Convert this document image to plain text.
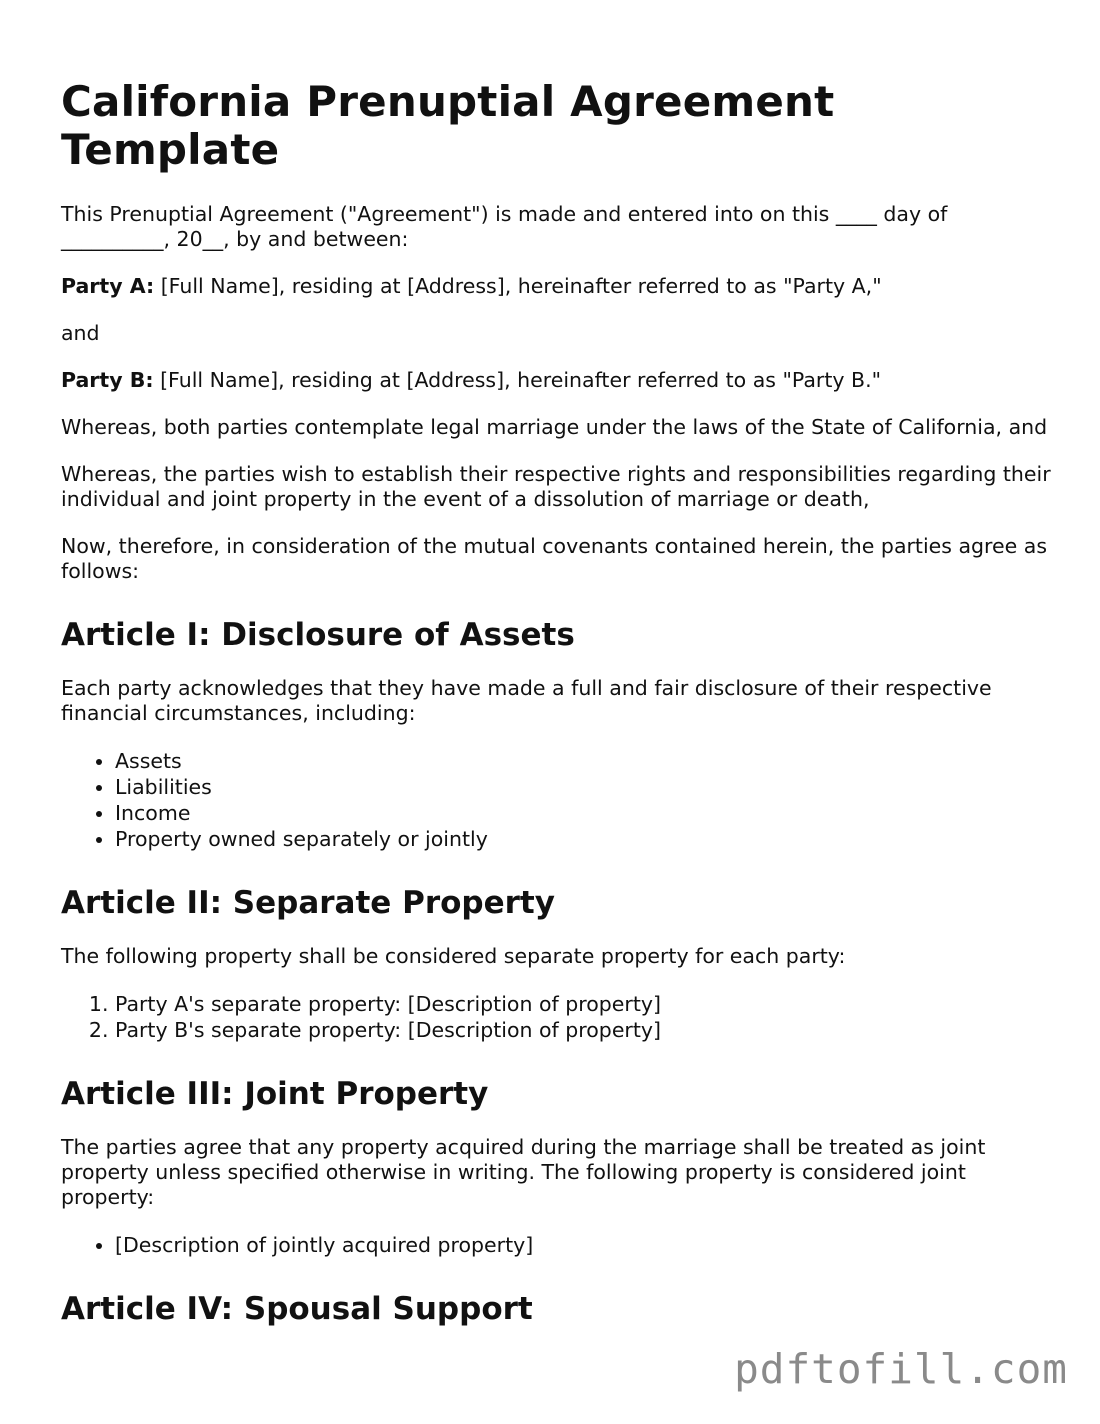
California Prenuptial Agreement Template

This Prenuptial Agreement ("Agreement") is made and entered into on this ____ day of __________, 20__, by and between:

Party A: [Full Name], residing at [Address], hereinafter referred to as "Party A,"

and

Party B: [Full Name], residing at [Address], hereinafter referred to as "Party B."

Whereas, both parties contemplate legal marriage under the laws of the State of California, and

Whereas, the parties wish to establish their respective rights and responsibilities regarding their individual and joint property in the event of a dissolution of marriage or death,

Now, therefore, in consideration of the mutual covenants contained herein, the parties agree as follows:

Article I: Disclosure of Assets

Each party acknowledges that they have made a full and fair disclosure of their respective financial circumstances, including:

• Assets
• Liabilities
• Income
• Property owned separately or jointly
Article II: Separate Property

The following property shall be considered separate property for each party:

1. Party A's separate property: [Description of property]
2. Party B's separate property: [Description of property]
Article III: Joint Property

The parties agree that any property acquired during the marriage shall be treated as joint property unless specified otherwise in writing. The following property is considered joint property:

• [Description of jointly acquired property]
Article IV: Spousal Support
pdftofill.com
